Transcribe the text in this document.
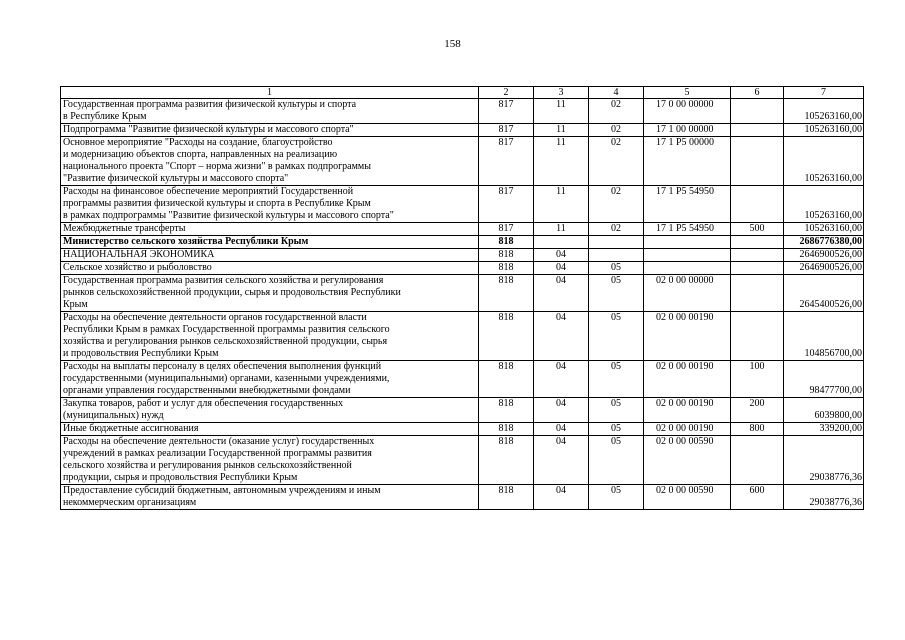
158
1	2	3	4	5	6	7
Государственная программа развития физической культуры и спорта
в Республике Крым	817	11	02	17 0 00 00000		105263160,00
Подпрограмма "Развитие физической культуры и массового спорта"	817	11	02	17 1 00 00000		105263160,00
Основное мероприятие "Расходы на создание, благоустройство
и модернизацию объектов спорта, направленных на реализацию
национального проекта "Спорт – норма жизни" в рамках подпрограммы
"Развитие физической культуры и массового спорта"	817	11	02	17 1 P5 00000		105263160,00
Расходы на финансовое обеспечение мероприятий Государственной
программы развития физической культуры и спорта в Республике Крым
в рамках подпрограммы "Развитие физической культуры и массового спорта"	817	11	02	17 1 P5 54950		105263160,00
Межбюджетные трансферты	817	11	02	17 1 P5 54950	500	105263160,00
Министерство сельского хозяйства Республики Крым	818					2686776380,00
НАЦИОНАЛЬНАЯ ЭКОНОМИКА	818	04				2646900526,00
Сельское хозяйство и рыболовство	818	04	05			2646900526,00
Государственная программа развития сельского хозяйства и регулирования
рынков сельскохозяйственной продукции, сырья и продовольствия Республики
Крым	818	04	05	02 0 00 00000		2645400526,00
Расходы на обеспечение деятельности органов государственной власти
Республики Крым в рамках Государственной программы развития сельского
хозяйства и регулирования рынков сельскохозяйственной продукции, сырья
и продовольствия Республики Крым	818	04	05	02 0 00 00190		104856700,00
Расходы на выплаты персоналу в целях обеспечения выполнения функций
государственными (муниципальными) органами, казенными учреждениями,
органами управления государственными внебюджетными фондами	818	04	05	02 0 00 00190	100	98477700,00
Закупка товаров, работ и услуг для обеспечения государственных
(муниципальных) нужд	818	04	05	02 0 00 00190	200	6039800,00
Иные бюджетные ассигнования	818	04	05	02 0 00 00190	800	339200,00
Расходы на обеспечение деятельности (оказание услуг) государственных
учреждений в рамках реализации Государственной программы развития
сельского хозяйства и регулирования рынков сельскохозяйственной
продукции, сырья и продовольствия Республики Крым	818	04	05	02 0 00 00590		29038776,36
Предоставление субсидий бюджетным, автономным учреждениям и иным
некоммерческим организациям	818	04	05	02 0 00 00590	600	29038776,36
